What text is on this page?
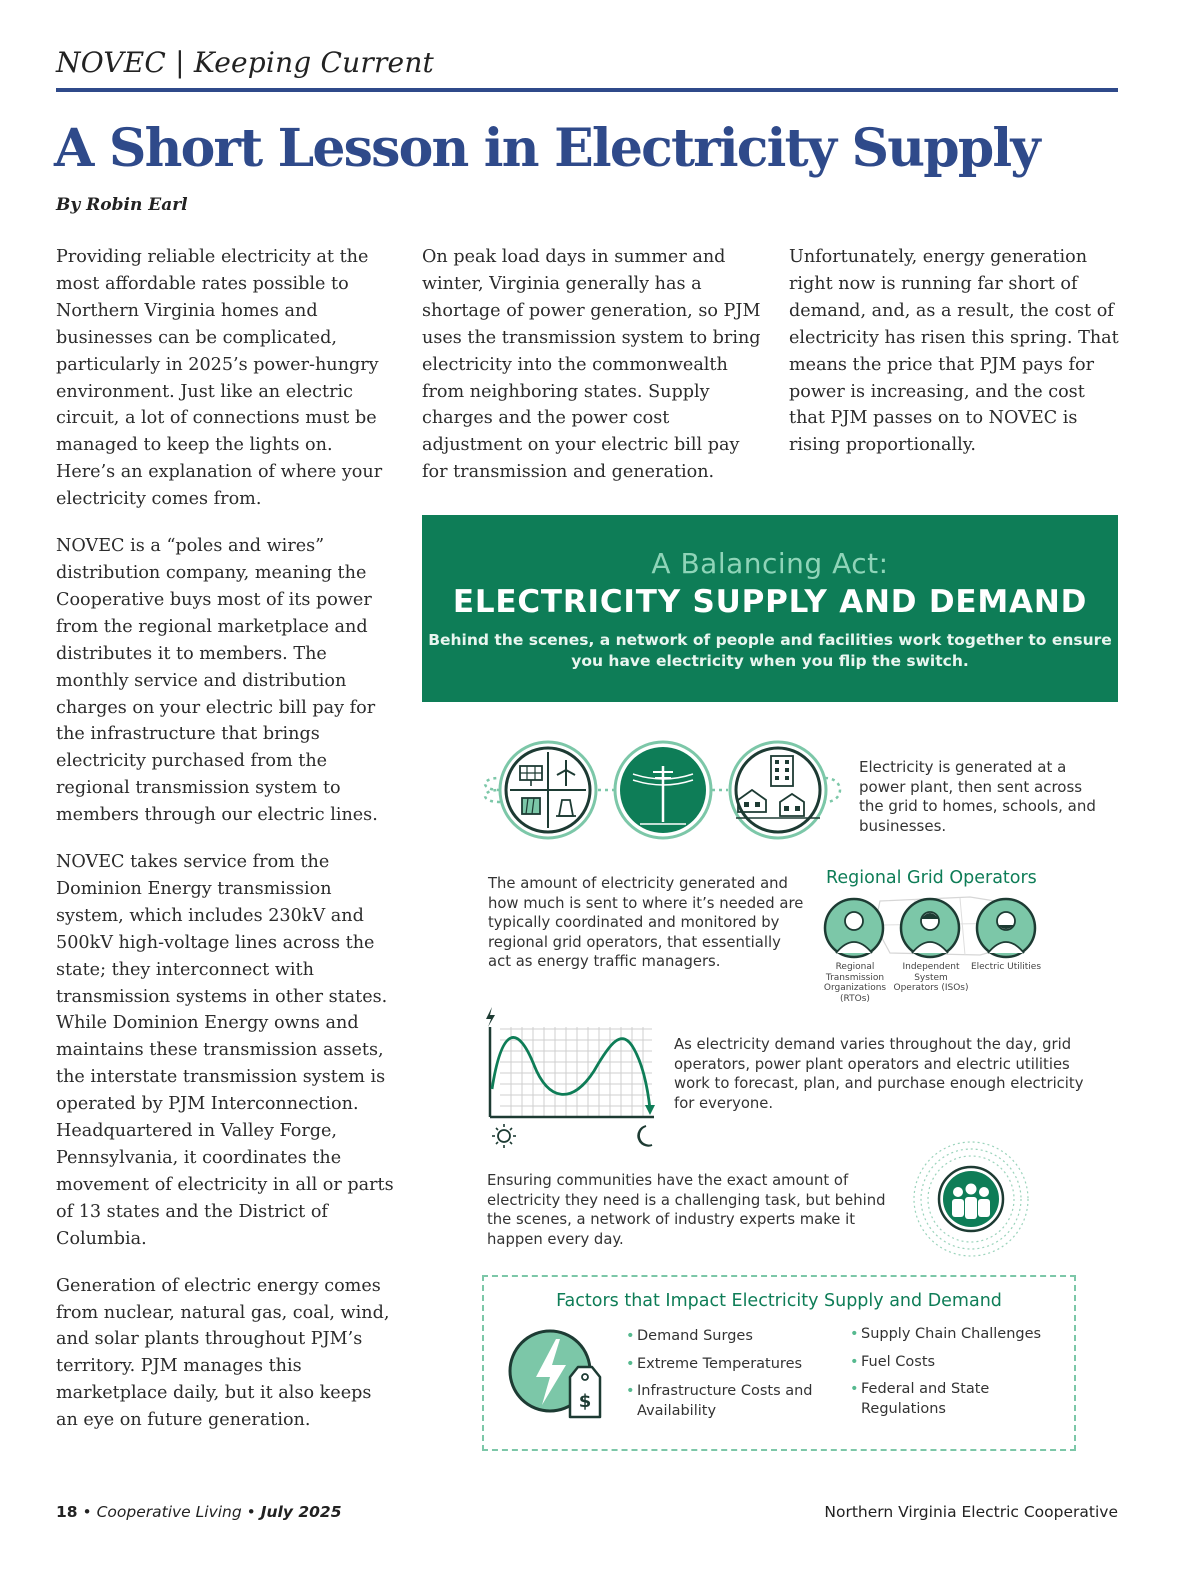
NOVEC | Keeping Current
A Short Lesson in Electricity Supply
By Robin Earl

Providing reliable electricity at the most affordable rates possible to Northern Virginia homes and businesses can be complicated, particularly in 2025’s power-hungry environment. Just like an electric circuit, a lot of connections must be managed to keep the lights on. Here’s an explanation of where your electricity comes from.

NOVEC is a “poles and wires” distribution company, meaning the Cooperative buys most of its power from the regional marketplace and distributes it to members. The monthly service and distribution charges on your electric bill pay for the infrastructure that brings electricity purchased from the regional transmission system to members through our electric lines.

NOVEC takes service from the Dominion Energy transmission system, which includes 230kV and 500kV high-voltage lines across the state; they interconnect with transmission systems in other states. While Dominion Energy owns and maintains these transmission assets, the interstate transmission system is operated by PJM Interconnection. Headquartered in Valley Forge, Pennsylvania, it coordinates the movement of electricity in all or parts of 13 states and the District of Columbia.

Generation of electric energy comes from nuclear, natural gas, coal, wind, and solar plants throughout PJM’s territory. PJM manages this marketplace daily, but it also keeps an eye on future generation.

On peak load days in summer and winter, Virginia generally has a shortage of power generation, so PJM uses the transmission system to bring electricity into the commonwealth from neighboring states. Supply charges and the power cost adjustment on your electric bill pay for transmission and generation.

Unfortunately, energy generation right now is running far short of demand, and, as a result, the cost of electricity has risen this spring. That means the price that PJM pays for power is increasing, and the cost that PJM passes on to NOVEC is rising proportionally.

A Balancing Act:
ELECTRICITY SUPPLY AND DEMAND
Behind the scenes, a network of people and facilities work together to ensure you have electricity when you flip the switch.
Electricity is generated at a power plant, then sent across the grid to homes, schools, and businesses.
The amount of electricity generated and how much is sent to where it’s needed are typically coordinated and monitored by regional grid operators, that essentially act as energy traffic managers.
Regional Grid Operators
Regional Transmission Organizations (RTOs)
Independent System Operators (ISOs)
Electric Utilities
As electricity demand varies throughout the day, grid operators, power plant operators and electric utilities work to forecast, plan, and purchase enough electricity for everyone.
Ensuring communities have the exact amount of electricity they need is a challenging task, but behind the scenes, a network of industry experts make it happen every day.
Factors that Impact Electricity Supply and Demand
$
• Demand Surges
• Extreme Temperatures
• Infrastructure Costs and Availability
• Supply Chain Challenges
• Fuel Costs
• Federal and State Regulations
18 • Cooperative Living • July 2025	Northern Virginia Electric Cooperative
